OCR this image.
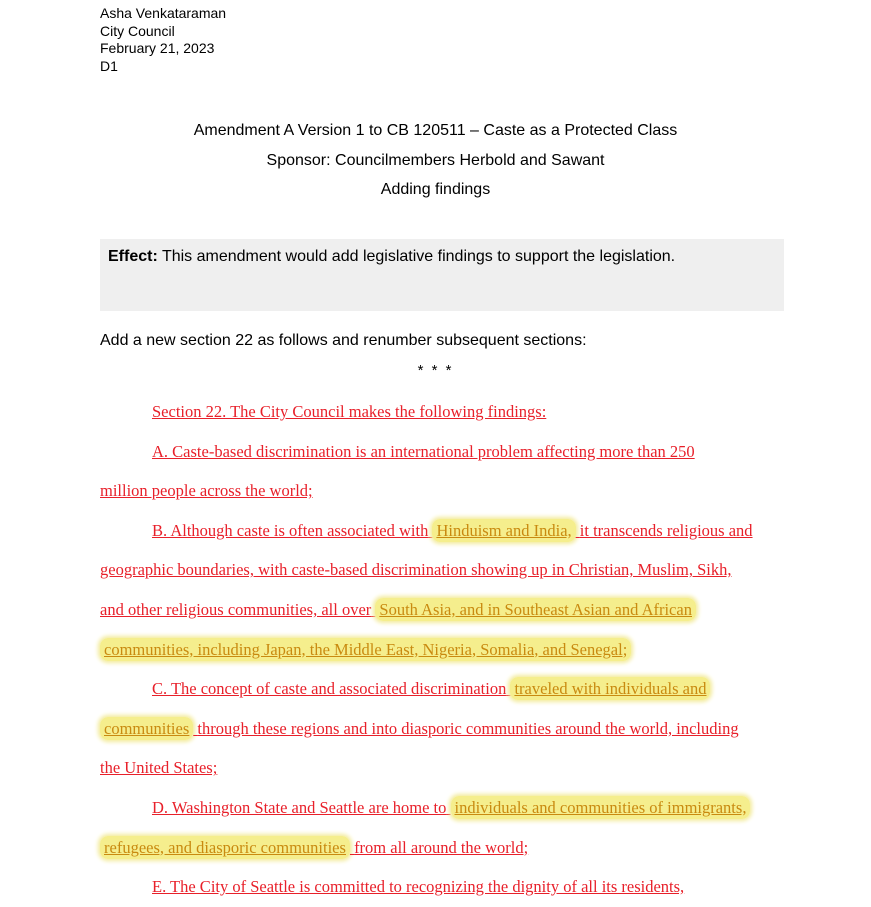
Asha Venkataraman
City Council
February 21, 2023
D1
Amendment A Version 1 to CB 120511 – Caste as a Protected Class
Sponsor: Councilmembers Herbold and Sawant
Adding findings
Effect: This amendment would add legislative findings to support the legislation.
Add a new section 22 as follows and renumber subsequent sections:
* * *
Section 22. The City Council makes the following findings:
A. Caste-based discrimination is an international problem affecting more than 250
million people across the world;
B. Although caste is often associated with Hinduism and India, it transcends religious and
geographic boundaries, with caste-based discrimination showing up in Christian, Muslim, Sikh,
and other religious communities, all over South Asia, and in Southeast Asian and African
communities, including Japan, the Middle East, Nigeria, Somalia, and Senegal;
C. The concept of caste and associated discrimination traveled with individuals and
communities through these regions and into diasporic communities around the world, including
the United States;
D. Washington State and Seattle are home to individuals and communities of immigrants,
refugees, and diasporic communities from all around the world;
E. The City of Seattle is committed to recognizing the dignity of all its residents,
